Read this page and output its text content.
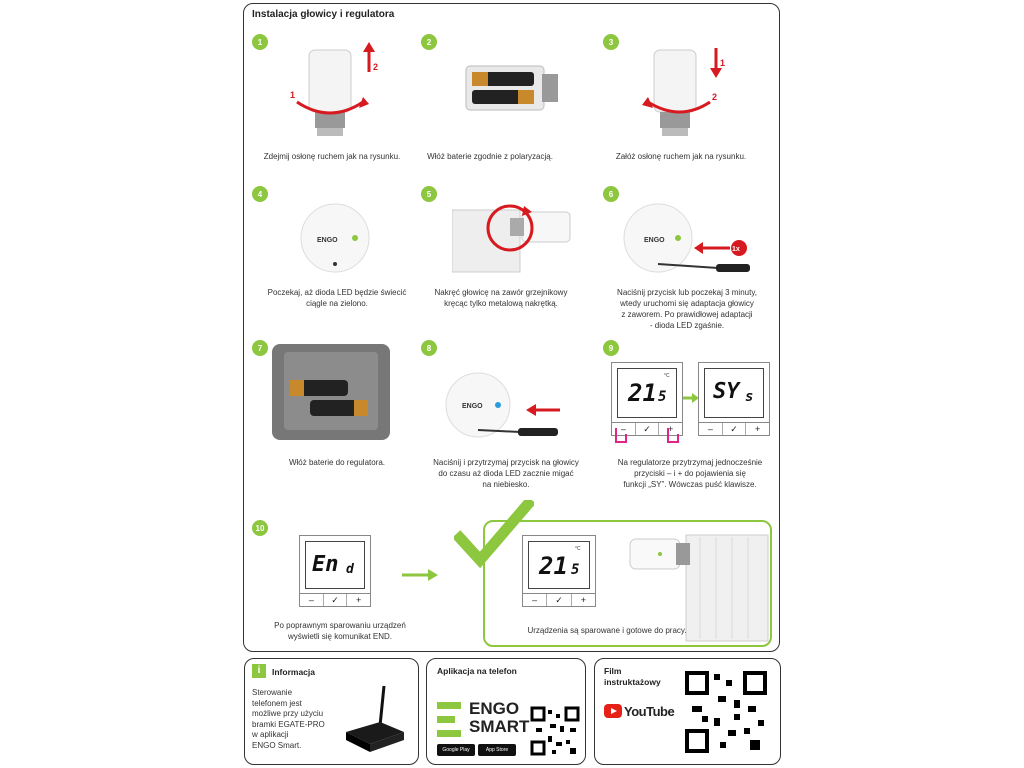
Instalacja głowicy i regulatora
1
1
2
Zdejmij osłonę ruchem jak na rysunku.
2
Włóż baterie zgodnie z polaryzacją.
3
1
2
Załóż osłonę ruchem jak na rysunku.
4
ENGO
Poczekaj, aż dioda LED będzie świecić
ciągle na zielono.
5
Nakręć głowicę na zawór grzejnikowy
kręcąc tylko metalową nakrętką.
6
ENGO
1x
Naciśnij przycisk lub poczekaj 3 minuty,
wtedy uruchomi się adaptacja głowicy
z zaworem. Po prawidłowej adaptacji
- dioda LED zgaśnie.
7
Włóż baterie do regulatora.
8
ENGO
Naciśnij i przytrzymaj przycisk na głowicy
do czasu aż dioda LED zacznie migać
na niebiesko.
9
21 5
°C
–	✓	+
SY s
–	✓	+
Na regulatorze przytrzymaj jednocześnie
przyciski – i + do pojawienia się
funkcji „SY”. Wówczas puść klawisze.
10
En d
–	✓	+
Po poprawnym sparowaniu urządzeń
wyświetli się komunikat END.
21 5
°C
–	✓	+
Urządzenia są sparowane i gotowe do pracy.
i	Informacja
Sterowanie
telefonem jest
możliwe przy użyciu
bramki EGATE-PRO
w aplikacji
ENGO Smart.
Aplikacja na telefon
ENGO
SMART
Google Play	App Store
Film
instruktażowy
YouTube
